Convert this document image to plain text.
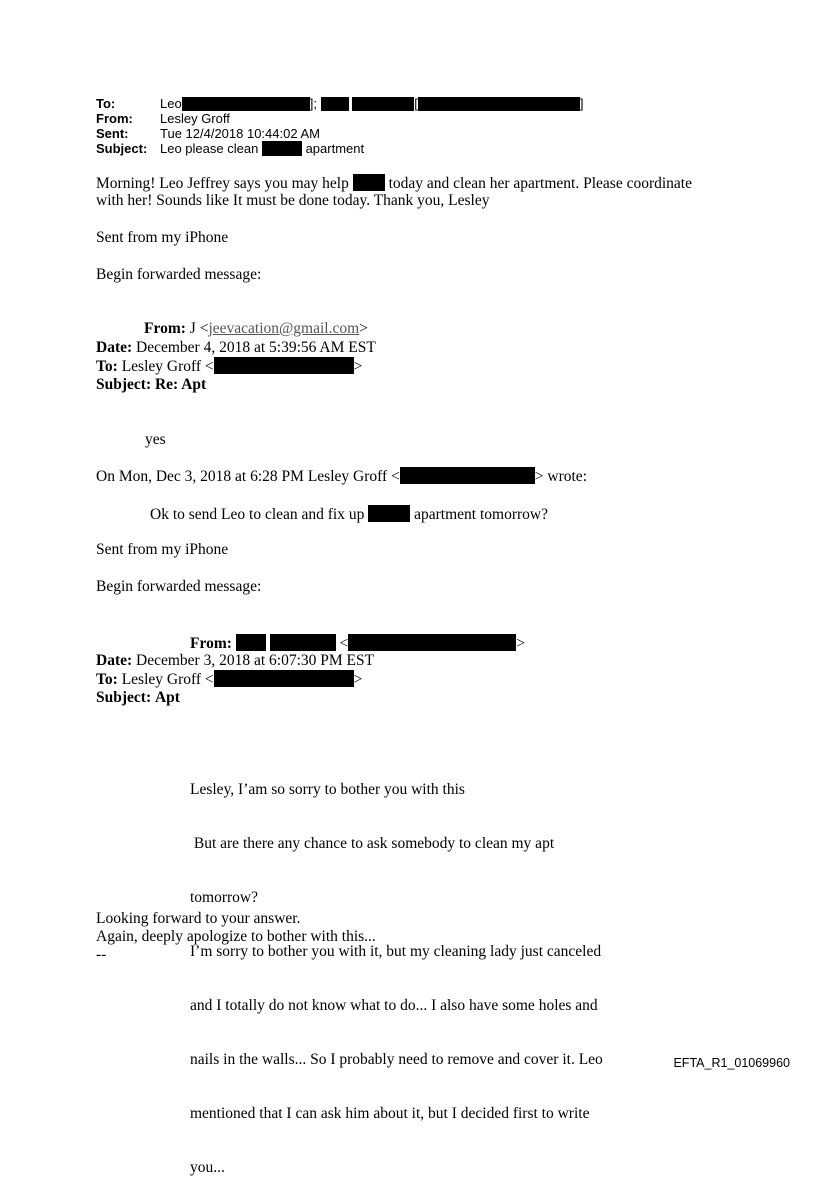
To:	Leo	];	[	]
From: Lesley Groff
Sent: Tue 12/4/2018 10:44:02 AM
Subject: Leo please clean	apartment
Morning! Leo Jeffrey says you may help	today and clean her apartment. Please coordinate
with her! Sounds like It must be done today. Thank you, Lesley
Sent from my iPhone
Begin forwarded message:
From: J <jeevacation@gmail.com>
Date: December 4, 2018 at 5:39:56 AM EST
To: Lesley Groff <	>
Subject: Re: Apt
yes
On Mon, Dec 3, 2018 at 6:28 PM Lesley Groff <	> wrote:
Ok to send Leo to clean and fix up	apartment tomorrow?
Sent from my iPhone
Begin forwarded message:
From:	<	>
Date: December 3, 2018 at 6:07:30 PM EST
To: Lesley Groff <	>
Subject: Apt

Lesley, I’am so sorry to bother you with this

But are there any chance to ask somebody to clean my apt

tomorrow?

I’m sorry to bother you with it, but my cleaning lady just canceled

and I totally do not know what to do... I also have some holes and

nails in the walls... So I probably need to remove and cover it. Leo

mentioned that I can ask him about it, but I decided first to write

you...

Looking forward to your answer.
Again, deeply apologize to bother with this...
--
EFTA_R1_01069960
